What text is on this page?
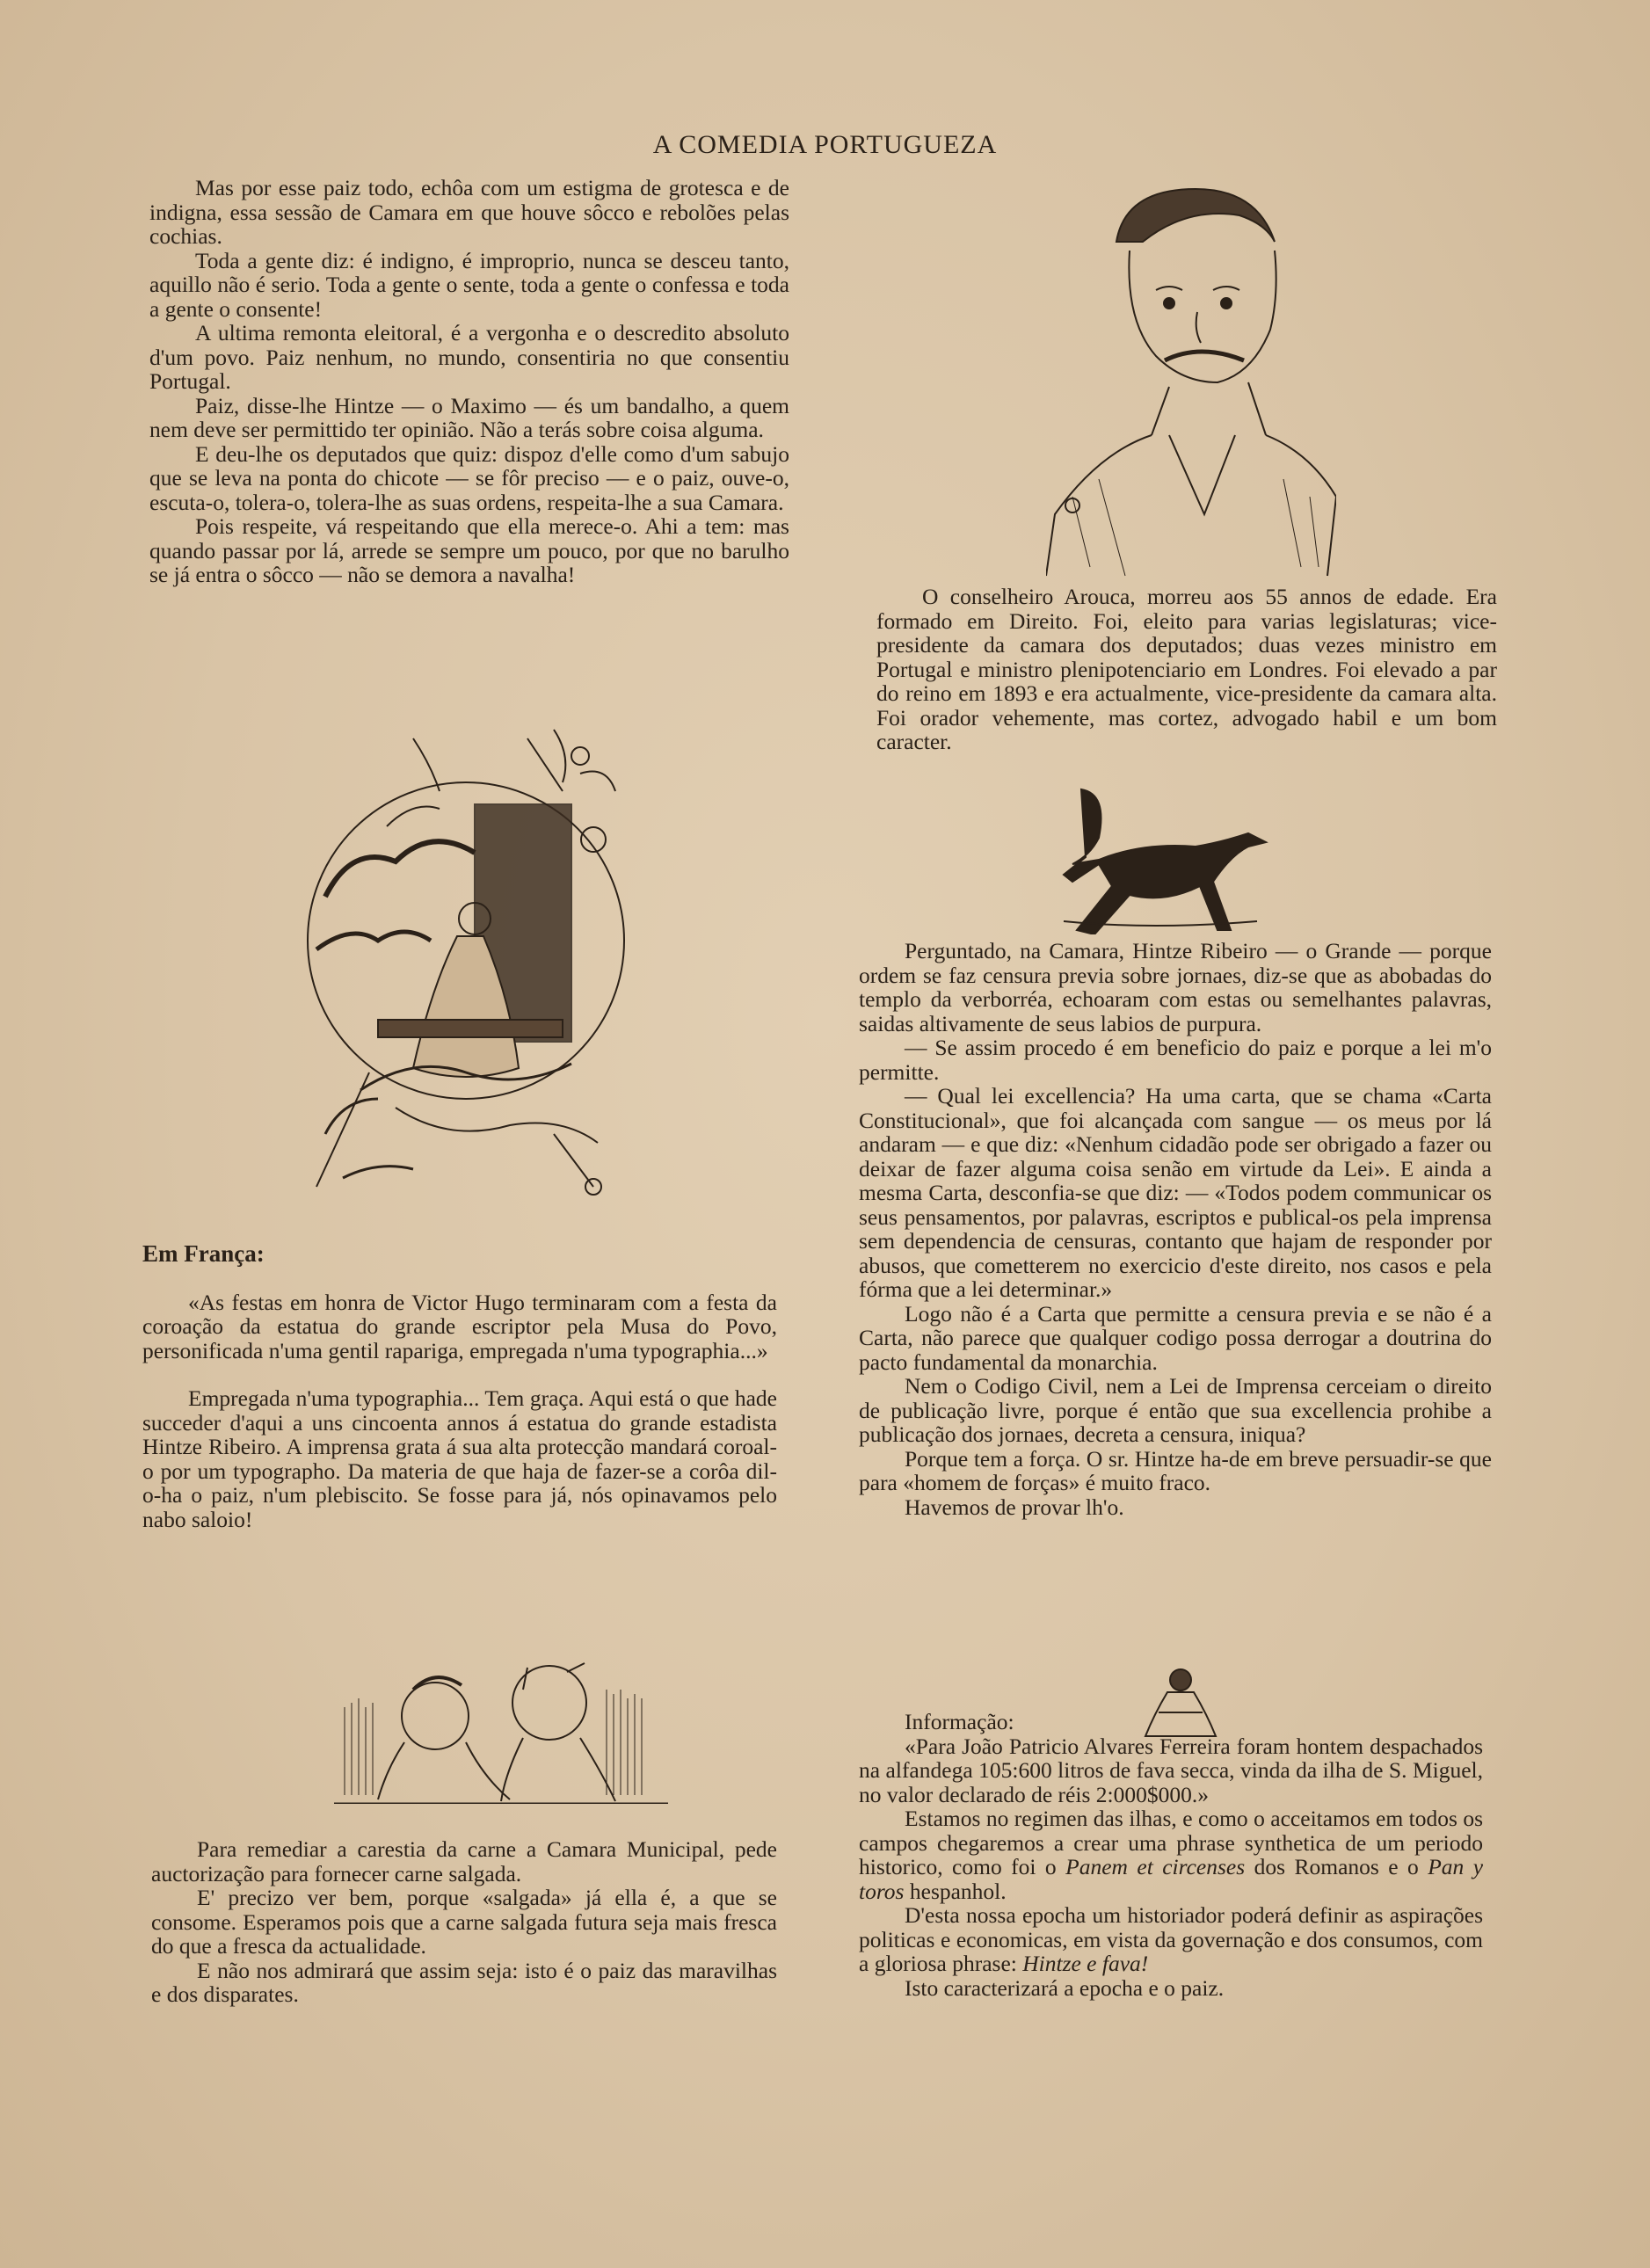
A COMEDIA PORTUGUEZA

Mas por esse paiz todo, echôa com um estigma de grotesca e de indigna, essa sessão de Camara em que houve sôcco e rebolões pelas cochias.

Toda a gente diz: é indigno, é improprio, nunca se desceu tanto, aquillo não é serio. Toda a gente o sente, toda a gente o confessa e toda a gente o consente!

A ultima remonta eleitoral, é a vergonha e o descredito absoluto d'um povo. Paiz nenhum, no mundo, consentiria no que consentiu Portugal.

Paiz, disse-lhe Hintze — o Maximo — és um bandalho, a quem nem deve ser permittido ter opinião. Não a terás sobre coisa alguma.

E deu-lhe os deputados que quiz: dispoz d'elle como d'um sabujo que se leva na ponta do chicote — se fôr preciso — e o paiz, ouve-o, escuta-o, tolera-o, tolera-lhe as suas ordens, respeita-lhe a sua Camara.

Pois respeite, vá respeitando que ella merece-o. Ahi a tem: mas quando passar por lá, arrede se sempre um pouco, por que no barulho se já entra o sôcco — não se demora a navalha!

Em França:

«As festas em honra de Victor Hugo terminaram com a festa da coroação da estatua do grande escriptor pela Musa do Povo, personificada n'uma gentil rapariga, empregada n'uma typographia...»

Empregada n'uma typographia... Tem graça. Aqui está o que hade succeder d'aqui a uns cincoenta annos á estatua do grande estadista Hintze Ribeiro. A imprensa grata á sua alta protecção mandará coroal-o por um typographo. Da materia de que haja de fazer-se a corôa dil-o-ha o paiz, n'um plebiscito. Se fosse para já, nós opinavamos pelo nabo saloio!

Para remediar a carestia da carne a Camara Municipal, pede auctorização para fornecer carne salgada.

E' precizo ver bem, porque «salgada» já ella é, a que se consome. Esperamos pois que a carne salgada futura seja mais fresca do que a fresca da actualidade.

E não nos admirará que assim seja: isto é o paiz das maravilhas e dos disparates.

O conselheiro Arouca, morreu aos 55 annos de edade. Era formado em Direito. Foi, eleito para varias legislaturas; vice-presidente da camara dos deputados; duas vezes ministro em Portugal e ministro plenipotenciario em Londres. Foi elevado a par do reino em 1893 e era actualmente, vice-presidente da camara alta. Foi orador vehemente, mas cortez, advogado habil e um bom caracter.

Perguntado, na Camara, Hintze Ribeiro — o Grande — porque ordem se faz censura previa sobre jornaes, diz-se que as abobadas do templo da verborréa, echoaram com estas ou semelhantes palavras, saidas altivamente de seus labios de purpura.

— Se assim procedo é em beneficio do paiz e porque a lei m'o permitte.

— Qual lei excellencia? Ha uma carta, que se chama «Carta Constitucional», que foi alcançada com sangue — os meus por lá andaram — e que diz: «Nenhum cidadão pode ser obrigado a fazer ou deixar de fazer alguma coisa senão em virtude da Lei». E ainda a mesma Carta, desconfia-se que diz: — «Todos podem communicar os seus pensamentos, por palavras, escriptos e publical-os pela imprensa sem dependencia de censuras, contanto que hajam de responder por abusos, que cometterem no exercicio d'este direito, nos casos e pela fórma que a lei determinar.»

Logo não é a Carta que permitte a censura previa e se não é a Carta, não parece que qualquer codigo possa derrogar a doutrina do pacto fundamental da monarchia.

Nem o Codigo Civil, nem a Lei de Imprensa cerceiam o direito de publicação livre, porque é então que sua excellencia prohibe a publicação dos jornaes, decreta a censura, iniqua?

Porque tem a força. O sr. Hintze ha-de em breve persuadir-se que para «homem de forças» é muito fraco.

Havemos de provar lh'o.

Informação:

«Para João Patricio Alvares Ferreira foram hontem despachados na alfandega 105:600 litros de fava secca, vinda da ilha de S. Miguel, no valor declarado de réis 2:000$000.»

Estamos no regimen das ilhas, e como o acceitamos em todos os campos chegaremos a crear uma phrase synthetica de um periodo historico, como foi o Panem et circenses dos Romanos e o Pan y toros hespanhol.

D'esta nossa epocha um historiador poderá definir as aspirações politicas e economicas, em vista da governação e dos consumos, com a gloriosa phrase: Hintze e fava!

Isto caracterizará a epocha e o paiz.
